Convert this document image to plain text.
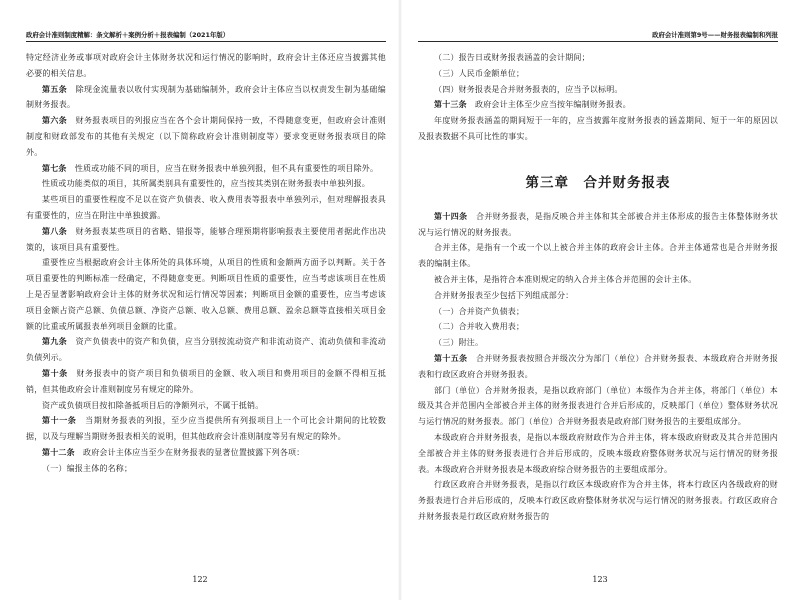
政府会计准则制度精解：条文解析＋案例分析＋报表编制（2021年版）

特定经济业务或事项对政府会计主体财务状况和运行情况的影响时，政府会计主体还应当披露其他必要的相关信息。

第五条　 除现金流量表以收付实现制为基础编制外，政府会计主体应当以权责发生制为基础编制财务报表。

第六条　 财务报表项目的列报应当在各个会计期间保持一致，不得随意变更，但政府会计准则制度和财政部发布的其他有关规定（以下简称政府会计准则制度等）要求变更财务报表项目的除外。

第七条　 性质或功能不同的项目，应当在财务报表中单独列报，但不具有重要性的项目除外。

性质或功能类似的项目，其所属类别具有重要性的，应当按其类别在财务报表中单独列报。

某些项目的重要性程度不足以在资产负债表、收入费用表等报表中单独列示，但对理解报表具有重要性的，应当在附注中单独披露。

第八条　 财务报表某些项目的省略、错报等，能够合理预期将影响报表主要使用者据此作出决策的，该项目具有重要性。

重要性应当根据政府会计主体所处的具体环境，从项目的性质和金额两方面予以判断。关于各项目重要性的判断标准一经确定，不得随意变更。判断项目性质的重要性，应当考虑该项目在性质上是否显著影响政府会计主体的财务状况和运行情况等因素；判断项目金额的重要性，应当考虑该项目金额占资产总额、负债总额、净资产总额、收入总额、费用总额、盈余总额等直接相关项目金额的比重或所属报表单列项目金额的比重。

第九条　 资产负债表中的资产和负债，应当分别按流动资产和非流动资产、流动负债和非流动负债列示。

第十条　 财务报表中的资产项目和负债项目的金额、收入项目和费用项目的金额不得相互抵销，但其他政府会计准则制度另有规定的除外。

资产或负债项目按扣除备抵项目后的净额列示，不属于抵销。

第十一条　 当期财务报表的列报，至少应当提供所有列报项目上一个可比会计期间的比较数据，以及与理解当期财务报表相关的说明，但其他政府会计准则制度等另有规定的除外。

第十二条　 政府会计主体应当至少在财务报表的显著位置披露下列各项：

（一）编报主体的名称；

122
政府会计准则第9号——财务报表编制和列报

（二）报告日或财务报表涵盖的会计期间；

（三）人民币金额单位；

（四）财务报表是合并财务报表的，应当予以标明。

第十三条　 政府会计主体至少应当按年编制财务报表。

年度财务报表涵盖的期间短于一年的，应当披露年度财务报表的涵盖期间、短于一年的原因以及报表数据不具可比性的事实。

第三章　合并财务报表

第十四条　 合并财务报表，是指反映合并主体和其全部被合并主体形成的报告主体整体财务状况与运行情况的财务报表。

合并主体，是指有一个或一个以上被合并主体的政府会计主体。合并主体通常也是合并财务报表的编制主体。

被合并主体，是指符合本准则规定的纳入合并主体合并范围的会计主体。

合并财务报表至少包括下列组成部分：

（一）合并资产负债表；

（二）合并收入费用表；

（三）附注。

第十五条　 合并财务报表按照合并级次分为部门（单位）合并财务报表、本级政府合并财务报表和行政区政府合并财务报表。

部门（单位）合并财务报表，是指以政府部门（单位）本级作为合并主体，将部门（单位）本级及其合并范围内全部被合并主体的财务报表进行合并后形成的，反映部门（单位）整体财务状况与运行情况的财务报表。部门（单位）合并财务报表是政府部门财务报告的主要组成部分。

本级政府合并财务报表，是指以本级政府财政作为合并主体，将本级政府财政及其合并范围内全部被合并主体的财务报表进行合并后形成的，反映本级政府整体财务状况与运行情况的财务报表。本级政府合并财务报表是本级政府综合财务报告的主要组成部分。

行政区政府合并财务报表，是指以行政区本级政府作为合并主体，将本行政区内各级政府的财务报表进行合并后形成的，反映本行政区政府整体财务状况与运行情况的财务报表。行政区政府合并财务报表是行政区政府财务报告的

123
